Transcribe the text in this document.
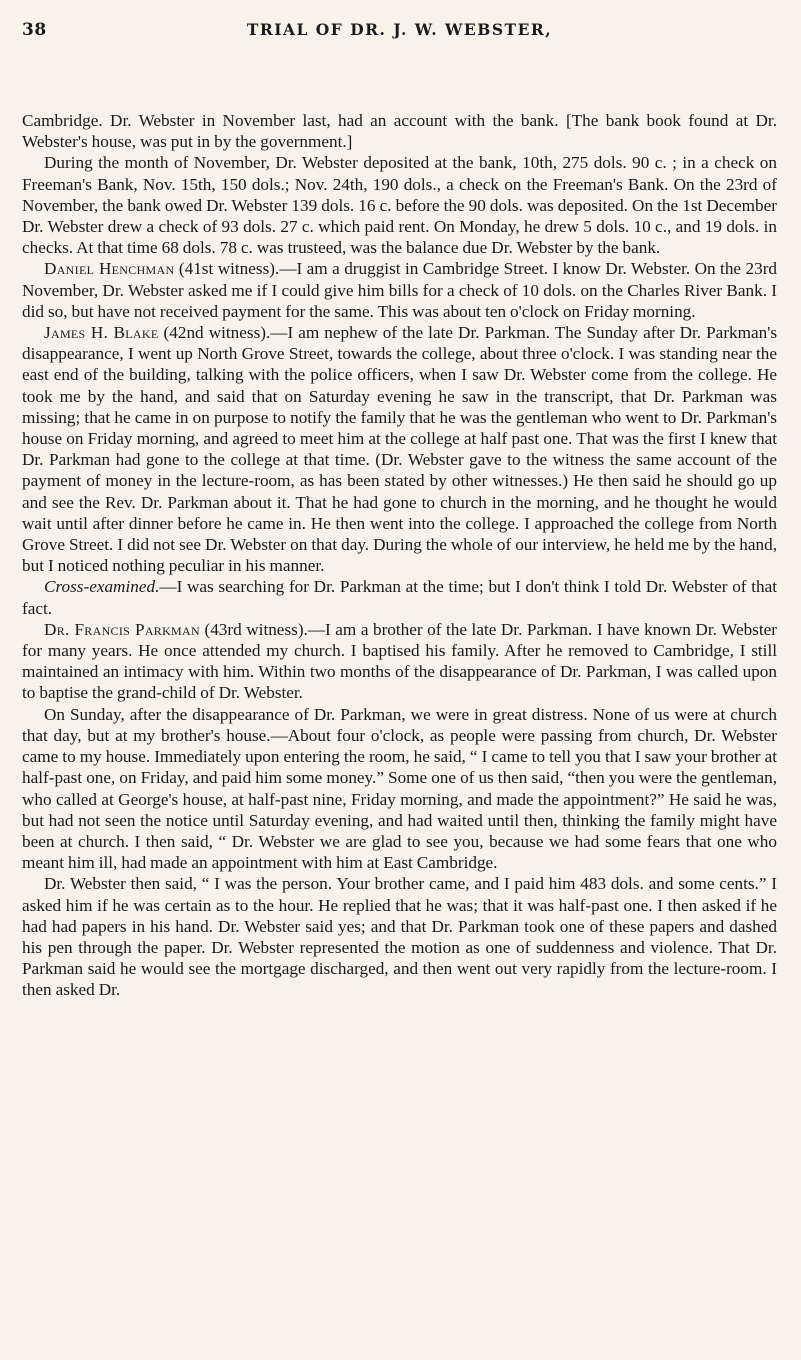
38	TRIAL OF DR. J. W. WEBSTER,

Cambridge. Dr. Webster in November last, had an account with the bank. [The bank book found at Dr. Webster's house, was put in by the government.]

During the month of November, Dr. Webster deposited at the bank, 10th, 275 dols. 90 c. ; in a check on Freeman's Bank, Nov. 15th, 150 dols.; Nov. 24th, 190 dols., a check on the Freeman's Bank. On the 23rd of November, the bank owed Dr. Webster 139 dols. 16 c. before the 90 dols. was deposited. On the 1st December Dr. Webster drew a check of 93 dols. 27 c. which paid rent. On Monday, he drew 5 dols. 10 c., and 19 dols. in checks. At that time 68 dols. 78 c. was trusteed, was the balance due Dr. Webster by the bank.

Daniel Henchman (41st witness).—I am a druggist in Cambridge Street. I know Dr. Webster. On the 23rd November, Dr. Webster asked me if I could give him bills for a check of 10 dols. on the Charles River Bank. I did so, but have not received payment for the same. This was about ten o'clock on Friday morning.

James H. Blake (42nd witness).—I am nephew of the late Dr. Parkman. The Sunday after Dr. Parkman's disappearance, I went up North Grove Street, towards the college, about three o'clock. I was standing near the east end of the building, talking with the police officers, when I saw Dr. Webster come from the college. He took me by the hand, and said that on Saturday evening he saw in the transcript, that Dr. Parkman was missing; that he came in on purpose to notify the family that he was the gentleman who went to Dr. Parkman's house on Friday morning, and agreed to meet him at the college at half past one. That was the first I knew that Dr. Parkman had gone to the college at that time. (Dr. Webster gave to the witness the same account of the payment of money in the lecture-room, as has been stated by other witnesses.) He then said he should go up and see the Rev. Dr. Parkman about it. That he had gone to church in the morning, and he thought he would wait until after dinner before he came in. He then went into the college. I approached the college from North Grove Street. I did not see Dr. Webster on that day. During the whole of our interview, he held me by the hand, but I noticed nothing peculiar in his manner.

Cross-examined.—I was searching for Dr. Parkman at the time; but I don't think I told Dr. Webster of that fact.

Dr. Francis Parkman (43rd witness).—I am a brother of the late Dr. Parkman. I have known Dr. Webster for many years. He once attended my church. I baptised his family. After he removed to Cambridge, I still maintained an intimacy with him. Within two months of the disappearance of Dr. Parkman, I was called upon to baptise the grand-child of Dr. Webster.

On Sunday, after the disappearance of Dr. Parkman, we were in great distress. None of us were at church that day, but at my brother's house.—About four o'clock, as people were passing from church, Dr. Webster came to my house. Immediately upon entering the room, he said, “ I came to tell you that I saw your brother at half-past one, on Friday, and paid him some money.” Some one of us then said, “then you were the gentleman, who called at George's house, at half-past nine, Friday morning, and made the appointment?” He said he was, but had not seen the notice until Saturday evening, and had waited until then, thinking the family might have been at church. I then said, “ Dr. Webster we are glad to see you, because we had some fears that one who meant him ill, had made an appointment with him at East Cambridge.

Dr. Webster then said, “ I was the person. Your brother came, and I paid him 483 dols. and some cents.” I asked him if he was certain as to the hour. He replied that he was; that it was half-past one. I then asked if he had had papers in his hand. Dr. Webster said yes; and that Dr. Parkman took one of these papers and dashed his pen through the paper. Dr. Webster represented the motion as one of suddenness and violence. That Dr. Parkman said he would see the mortgage discharged, and then went out very rapidly from the lecture-room. I then asked Dr.
